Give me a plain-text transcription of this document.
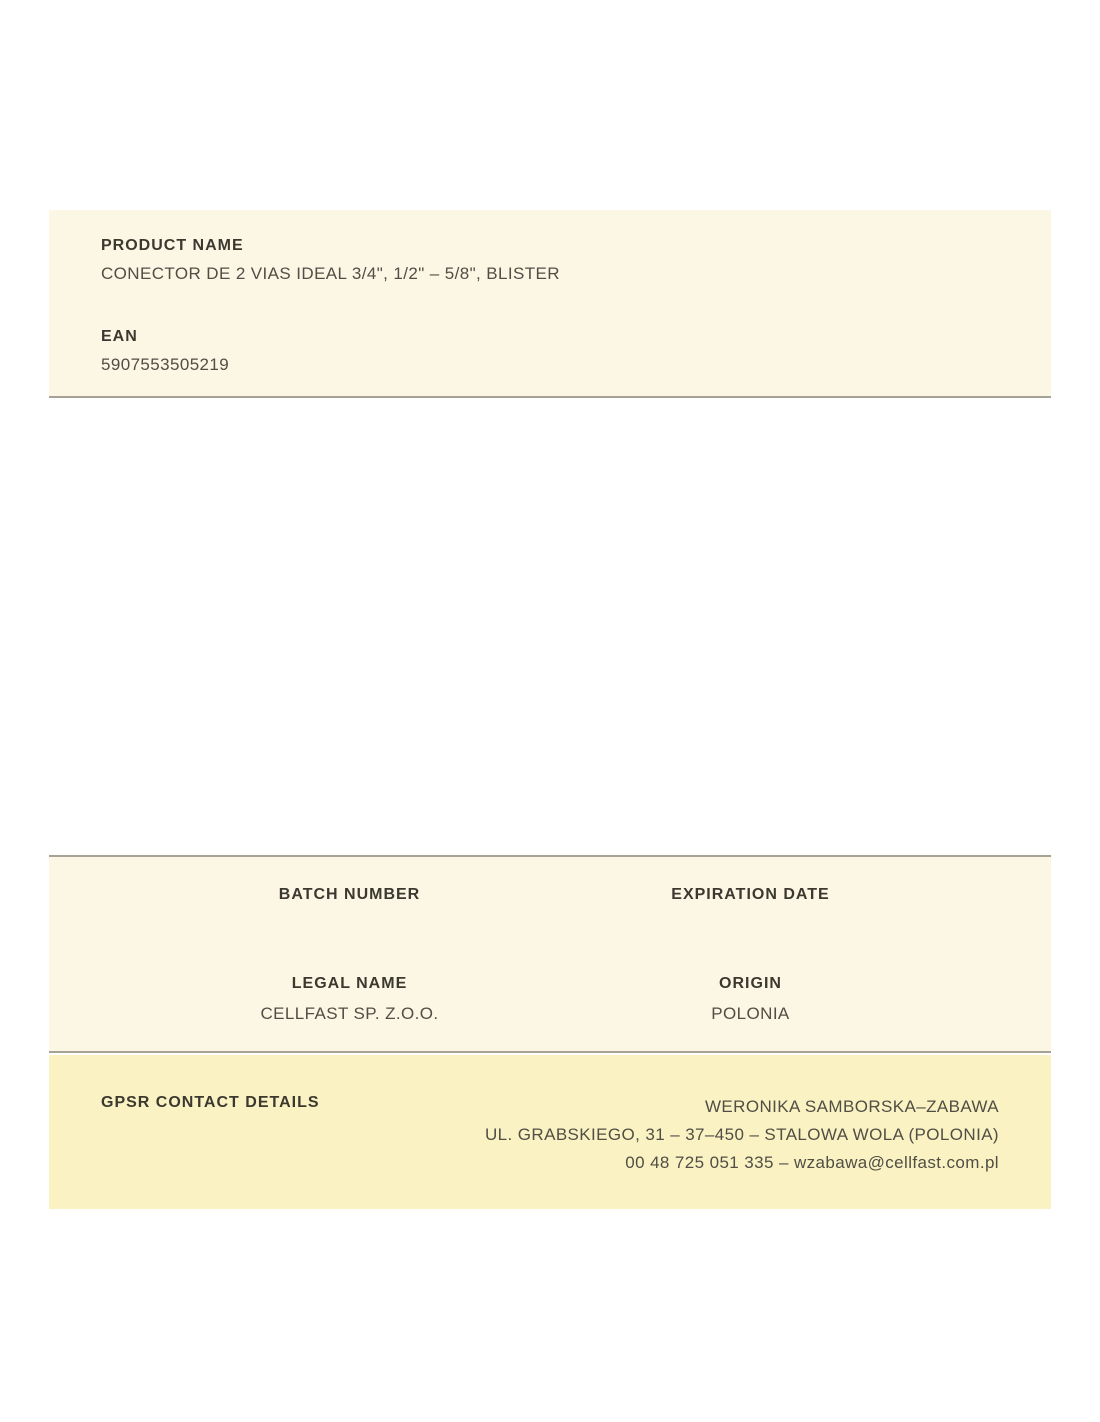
PRODUCT NAME
CONECTOR DE 2 VIAS IDEAL 3/4", 1/2" – 5/8", BLISTER
EAN
5907553505219
BATCH NUMBER	EXPIRATION DATE
LEGAL NAME
CELLFAST SP. Z.O.O.
ORIGIN
POLONIA
GPSR CONTACT DETAILS	WERONIKA SAMBORSKA–ZABAWA
UL. GRABSKIEGO, 31 – 37–450 – STALOWA WOLA (POLONIA)
00 48 725 051 335 – wzabawa@cellfast.com.pl
